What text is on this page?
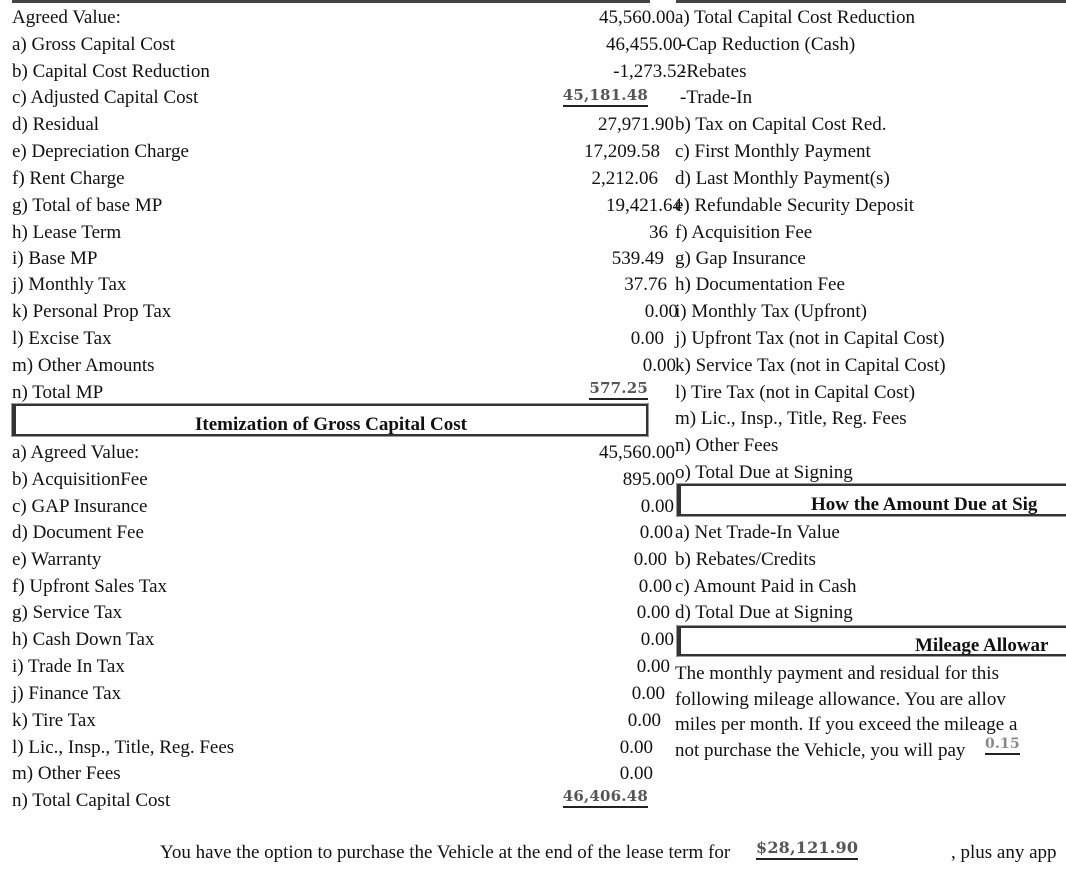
Agreed Value:	45,560.00
a) Gross Capital Cost	46,455.00
b) Capital Cost Reduction	-1,273.52
c) Adjusted Capital Cost	45,181.48
d) Residual	27,971.90
e) Depreciation Charge	17,209.58
f) Rent Charge	2,212.06
g) Total of base MP	19,421.64
h) Lease Term	36
i) Base MP	539.49
j) Monthly Tax	37.76
k) Personal Prop Tax	0.00
l) Excise Tax	0.00
m) Other Amounts	0.00
n) Total MP	577.25
Itemization of Gross Capital Cost
a) Agreed Value:	45,560.00
b) AcquisitionFee	895.00
c) GAP Insurance	0.00
d) Document Fee	0.00
e) Warranty	0.00
f) Upfront Sales Tax	0.00
g) Service Tax	0.00
h) Cash Down Tax	0.00
i) Trade In Tax	0.00
j) Finance Tax	0.00
k) Tire Tax	0.00
l) Lic., Insp., Title, Reg. Fees	0.00
m) Other Fees	0.00
n) Total Capital Cost	46,406.48
a) Total Capital Cost Reduction
-Cap Reduction (Cash)
-Rebates
-Trade-In
b) Tax on Capital Cost Red.
c) First Monthly Payment
d) Last Monthly Payment(s)
e) Refundable Security Deposit
f) Acquisition Fee
g) Gap Insurance
h) Documentation Fee
i) Monthly Tax (Upfront)
j) Upfront Tax (not in Capital Cost)
k) Service Tax (not in Capital Cost)
l) Tire Tax (not in Capital Cost)
m) Lic., Insp., Title, Reg. Fees
n) Other Fees
o) Total Due at Signing
How the Amount Due at Sig
a) Net Trade-In Value
b) Rebates/Credits
c) Amount Paid in Cash
d) Total Due at Signing
Mileage Allowar
The monthly payment and residual for this
following mileage allowance. You are allov
miles per month. If you exceed the mileage a
not purchase the Vehicle, you will pay	0.15
You have the option to purchase the Vehicle at the end of the lease term for $28,121.90	, plus any app
